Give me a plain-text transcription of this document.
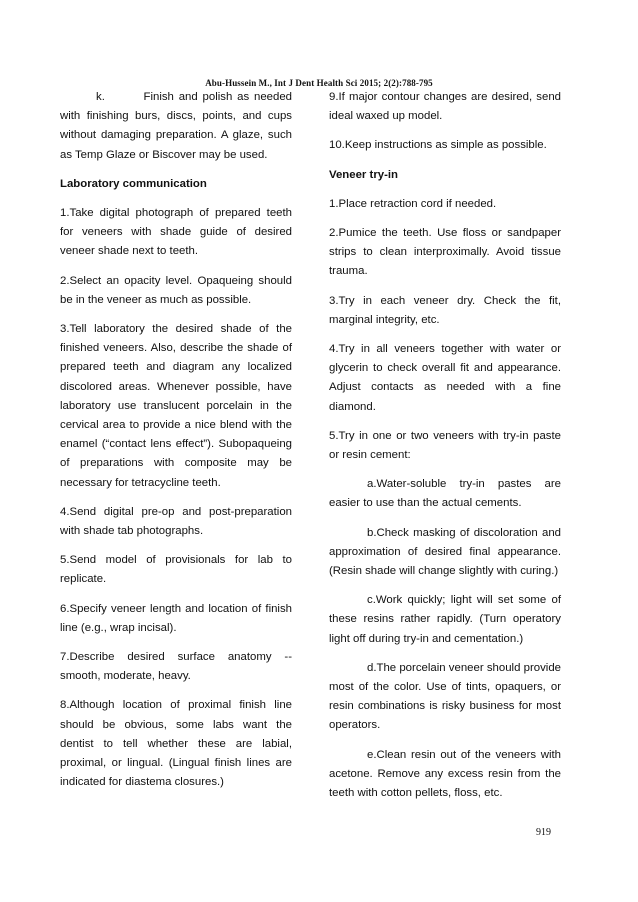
Abu-Hussein M., Int J Dent Health Sci 2015; 2(2):788-795

k.        Finish and polish as needed with finishing burs, discs, points, and cups without damaging preparation. A glaze, such as Temp Glaze or Biscover may be used.

Laboratory communication

1.Take digital photograph of prepared teeth for veneers with shade guide of desired veneer shade next to teeth.

2.Select an opacity level. Opaqueing should be in the veneer as much as possible.

3.Tell laboratory the desired shade of the finished veneers. Also, describe the shade of prepared teeth and diagram any localized discolored areas. Whenever possible, have laboratory use translucent porcelain in the cervical area to provide a nice blend with the enamel (“contact lens effect”). Subopaqueing of preparations with composite may be necessary for tetracycline teeth.

4.Send digital pre-op and post-preparation with shade tab photographs.

5.Send model of provisionals for lab to replicate.

6.Specify veneer length and location of finish line (e.g., wrap incisal).

7.Describe desired surface anatomy -- smooth, moderate, heavy.

8.Although location of proximal finish line should be obvious, some labs want the dentist to tell whether these are labial, proximal, or lingual. (Lingual finish lines are indicated for diastema closures.)

9.If major contour changes are desired, send ideal waxed up model.

10.Keep instructions as simple as possible.

Veneer try-in

1.Place retraction cord if needed.

2.Pumice the teeth. Use floss or sandpaper strips to clean interproximally. Avoid tissue trauma.

3.Try in each veneer dry. Check the fit, marginal integrity, etc.

4.Try in all veneers together with water or glycerin to check overall fit and appearance. Adjust contacts as needed with a fine diamond.

5.Try in one or two veneers with try-in paste or resin cement:

a.Water-soluble try-in pastes are easier to use than the actual cements.

b.Check masking of discoloration and approximation of desired final appearance. (Resin shade will change slightly with curing.)

c.Work quickly; light will set some of these resins rather rapidly. (Turn operatory light off during try-in and cementation.)

d.The porcelain veneer should provide most of the color. Use of tints, opaquers, or resin combinations is risky business for most operators.

e.Clean resin out of the veneers with acetone. Remove any excess resin from the teeth with cotton pellets, floss, etc.

919
